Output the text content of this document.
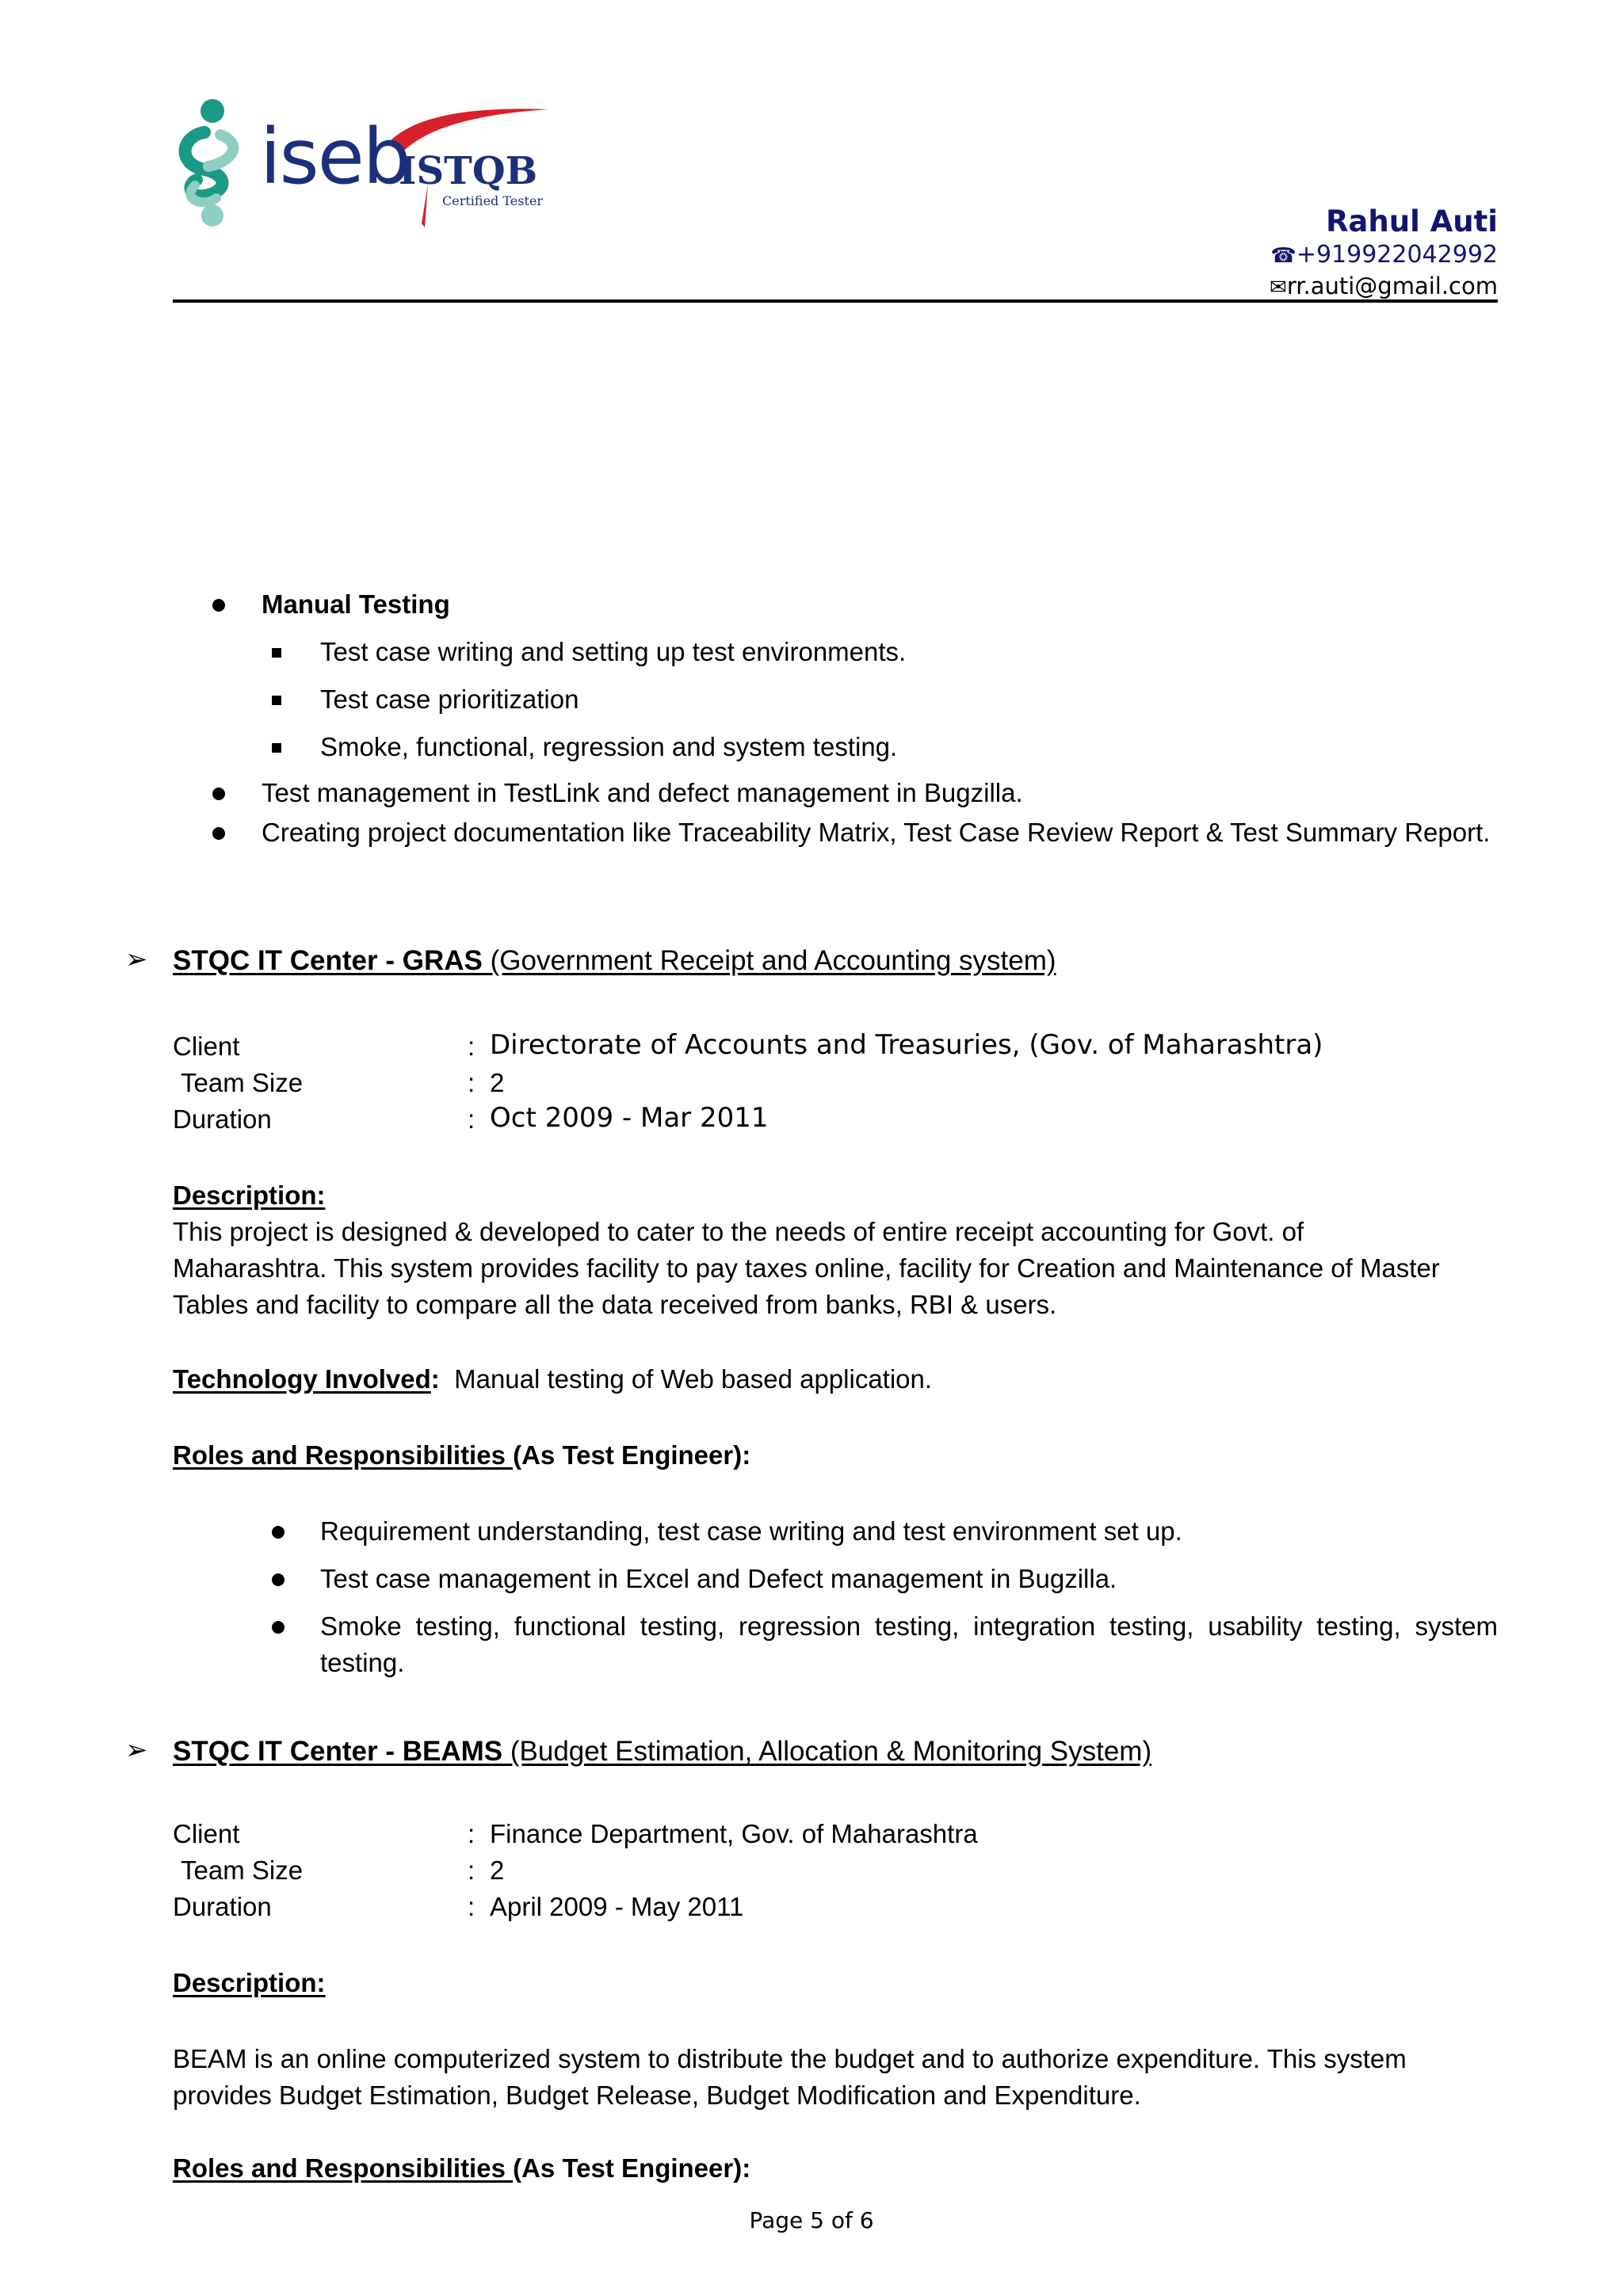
iseb
ISTQB
Certified Tester
Rahul Auti
☎+919922042992
✉rr.auti@gmail.com
Manual Testing
Test case writing and setting up test environments.
Test case prioritization
Smoke, functional, regression and system testing.
Test management in TestLink and defect management in Bugzilla.
Creating project documentation like Traceability Matrix, Test Case Review Report & Test Summary Report.
➢ STQC IT Center - GRAS (Government Receipt and Accounting system)
Client	: Directorate of Accounts and Treasuries, (Gov. of Maharashtra)
Team Size	: 2
Duration	: Oct 2009 - Mar 2011
Description:
This project is designed & developed to cater to the needs of entire receipt accounting for Govt. of Maharashtra. This system provides facility to pay taxes online, facility for Creation and Maintenance of Master Tables and facility to compare all the data received from banks, RBI & users.
Technology Involved: Manual testing of Web based application.
Roles and Responsibilities (As Test Engineer):
Requirement understanding, test case writing and test environment set up.
Test case management in Excel and Defect management in Bugzilla.
Smoke testing, functional testing, regression testing, integration testing, usability testing, system testing.
➢ STQC IT Center - BEAMS (Budget Estimation, Allocation & Monitoring System)
Client	: Finance Department, Gov. of Maharashtra
Team Size	: 2
Duration	: April 2009 - May 2011
Description:
BEAM is an online computerized system to distribute the budget and to authorize expenditure. This system provides Budget Estimation, Budget Release, Budget Modification and Expenditure.
Roles and Responsibilities (As Test Engineer):
Page 5 of 6
